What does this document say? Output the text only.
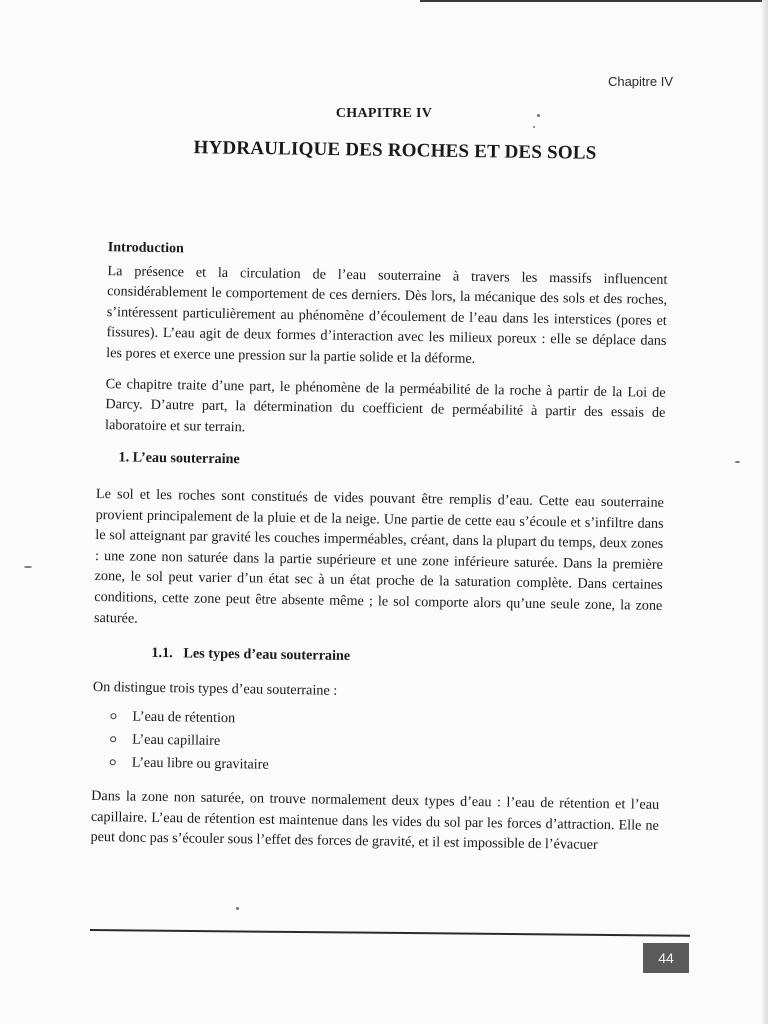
Chapitre IV
CHAPITRE IV
HYDRAULIQUE DES ROCHES ET DES SOLS

Introduction

La présence et la circulation de l’eau souterraine à travers les massifs influencent considérablement le comportement de ces derniers. Dès lors, la mécanique des sols et des roches, s’intéressent particulièrement au phénomène d’écoulement de l’eau dans les interstices (pores et fissures). L’eau agit de deux formes d’interaction avec les milieux poreux : elle se déplace dans les pores et exerce une pression sur la partie solide et la déforme.

Ce chapitre traite d’une part, le phénomène de la perméabilité de la roche à partir de la Loi de Darcy. D’autre part, la détermination du coefficient de perméabilité à partir des essais de laboratoire et sur terrain.

1. L’eau souterraine

Le sol et les roches sont constitués de vides pouvant être remplis d’eau. Cette eau souterraine provient principalement de la pluie et de la neige. Une partie de cette eau s’écoule et s’infiltre dans le sol atteignant par gravité les couches imperméables, créant, dans la plupart du temps, deux zones : une zone non saturée dans la partie supérieure et une zone inférieure saturée. Dans la première zone, le sol peut varier d’un état sec à un état proche de la saturation complète. Dans certaines conditions, cette zone peut être absente même ; le sol comporte alors qu’une seule zone, la zone saturée.

1.1. Les types d’eau souterraine

On distingue trois types d’eau souterraine :

L’eau de rétention
L’eau capillaire
L’eau libre ou gravitaire

Dans la zone non saturée, on trouve normalement deux types d’eau : l’eau de rétention et l’eau capillaire. L’eau de rétention est maintenue dans les vides du sol par les forces d’attraction. Elle ne peut donc pas s’écouler sous l’effet des forces de gravité, et il est impossible de l’évacuer

44
